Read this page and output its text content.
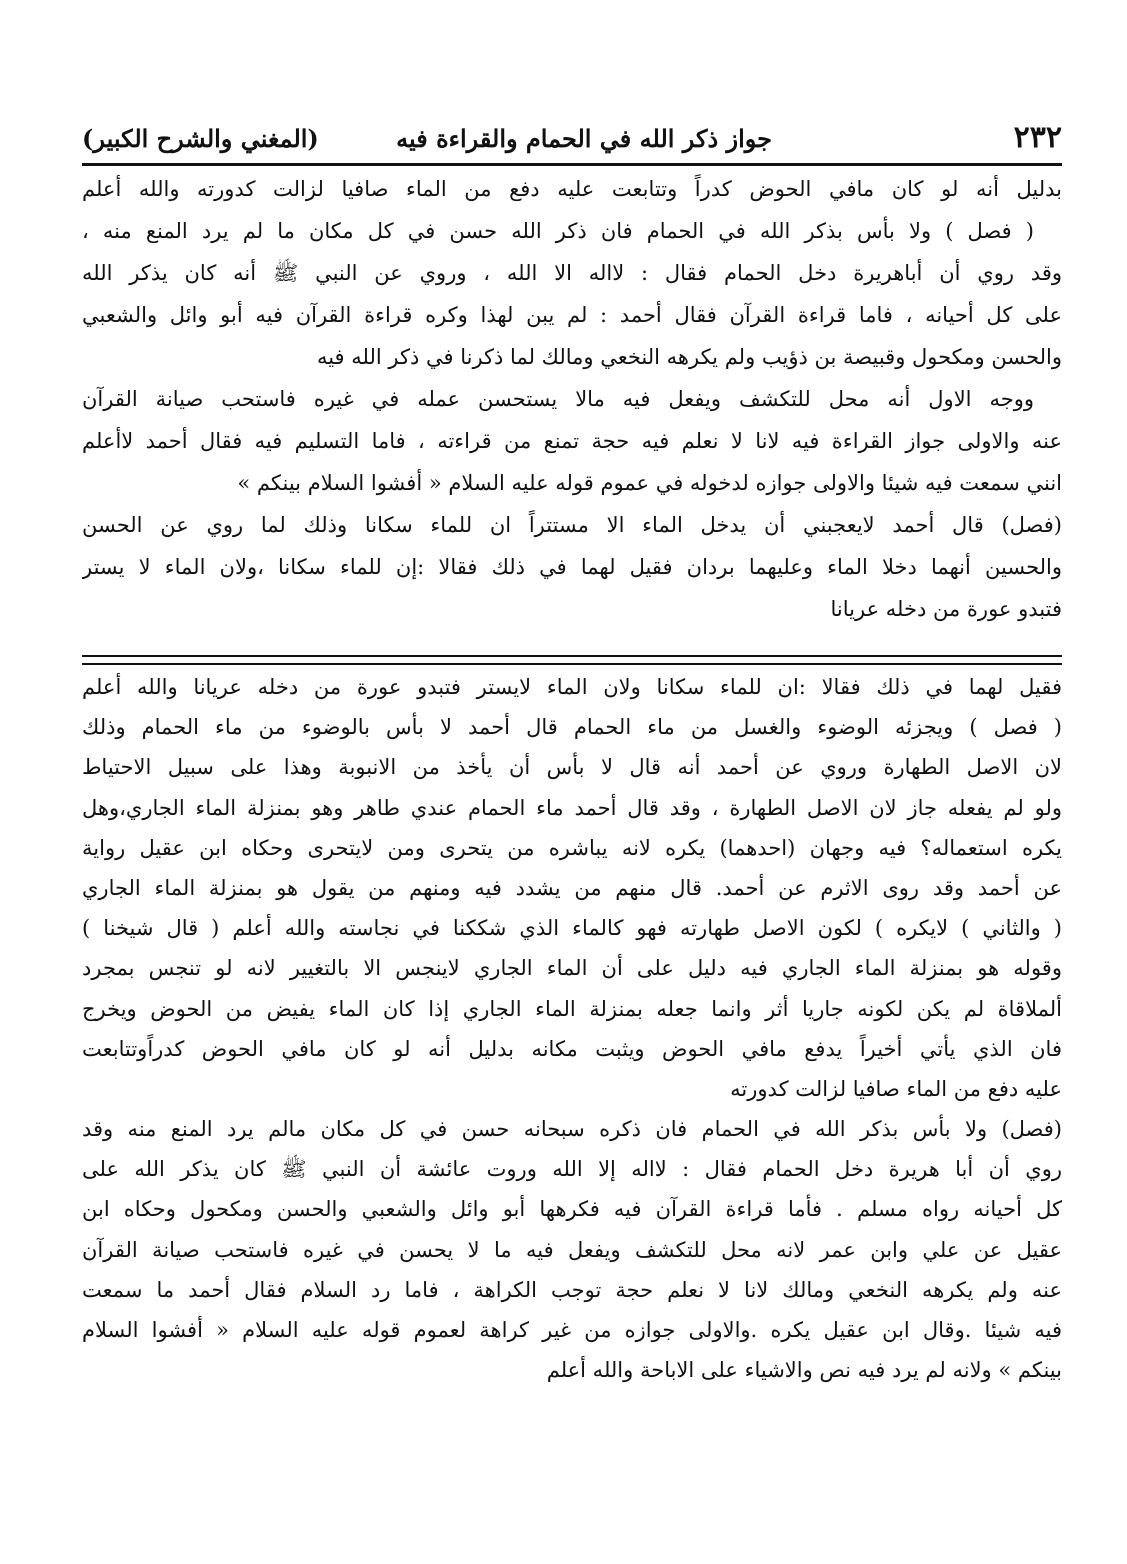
٢٣٢
جواز ذكر الله في الحمام والقراءة فيه
(المغني والشرح الكبير)
بدليل أنه لو كان مافي الحوض كدراً وتتابعت عليه دفع من الماء صافيا لزالت كدورته والله أعلم
( فصل ) ولا بأس بذكر الله في الحمام فان ذكر الله حسن في كل مكان ما لم يرد المنع منه ،
وقد روي أن أباهريرة دخل الحمام فقال : لااله الا الله ، وروي عن النبي ﷺ أنه كان يذكر الله
على كل أحيانه ، فاما قراءة القرآن فقال أحمد : لم يبن لهذا وكره قراءة القرآن فيه أبو وائل والشعبي
والحسن ومكحول وقبيصة بن ذؤيب ولم يكرهه النخعي ومالك لما ذكرنا في ذكر الله فيه
ووجه الاول أنه محل للتكشف ويفعل فيه مالا يستحسن عمله في غيره فاستحب صيانة القرآن
عنه والاولى جواز القراءة فيه لانا لا نعلم فيه حجة تمنع من قراءته ، فاما التسليم فيه فقال أحمد لاأعلم
انني سمعت فيه شيئا والاولى جوازه لدخوله في عموم قوله عليه السلام « أفشوا السلام بينكم »
(فصل) قال أحمد لايعجبني أن يدخل الماء الا مستتراً ان للماء سكانا وذلك لما روي عن الحسن
والحسين أنهما دخلا الماء وعليهما بردان فقيل لهما في ذلك فقالا :إن للماء سكانا ،ولان الماء لا يستر
فتبدو عورة من دخله عريانا
فقيل لهما في ذلك فقالا :ان للماء سكانا ولان الماء لايستر فتبدو عورة من دخله عريانا والله أعلم
( فصل ) ويجزئه الوضوء والغسل من ماء الحمام قال أحمد لا بأس بالوضوء من ماء الحمام وذلك
لان الاصل الطهارة وروي عن أحمد أنه قال لا بأس أن يأخذ من الانبوبة وهذا على سبيل الاحتياط
ولو لم يفعله جاز لان الاصل الطهارة ، وقد قال أحمد ماء الحمام عندي طاهر وهو بمنزلة الماء الجاري،وهل
يكره استعماله؟ فيه وجهان (احدهما) يكره لانه يباشره من يتحرى ومن لايتحرى وحكاه ابن عقيل رواية
عن أحمد وقد روى الاثرم عن أحمد. قال منهم من يشدد فيه ومنهم من يقول هو بمنزلة الماء الجاري
( والثاني ) لايكره ) لكون الاصل طهارته فهو كالماء الذي شككنا في نجاسته والله أعلم ( قال شيخنا )
وقوله هو بمنزلة الماء الجاري فيه دليل على أن الماء الجاري لاينجس الا بالتغيير لانه لو تنجس بمجرد
ألملاقاة لم يكن لكونه جاريا أثر وانما جعله بمنزلة الماء الجاري إذا كان الماء يفيض من الحوض ويخرج
فان الذي يأتي أخيراً يدفع مافي الحوض ويثبت مكانه بدليل أنه لو كان مافي الحوض كدراًوتتابعت
عليه دفع من الماء صافيا لزالت كدورته
(فصل) ولا بأس بذكر الله في الحمام فان ذكره سبحانه حسن في كل مكان مالم يرد المنع منه وقد
روي أن أبا هريرة دخل الحمام فقال : لااله إلا الله وروت عائشة أن النبي ﷺ كان يذكر الله على
كل أحيانه رواه مسلم . فأما قراءة القرآن فيه فكرهها أبو وائل والشعبي والحسن ومكحول وحكاه ابن
عقيل عن علي وابن عمر لانه محل للتكشف ويفعل فيه ما لا يحسن في غيره فاستحب صيانة القرآن
عنه ولم يكرهه النخعي ومالك لانا لا نعلم حجة توجب الكراهة ، فاما رد السلام فقال أحمد ما سمعت
فيه شيئا .وقال ابن عقيل يكره .والاولى جوازه من غير كراهة لعموم قوله عليه السلام « أفشوا السلام
بينكم » ولانه لم يرد فيه نص والاشياء على الاباحة والله أعلم
